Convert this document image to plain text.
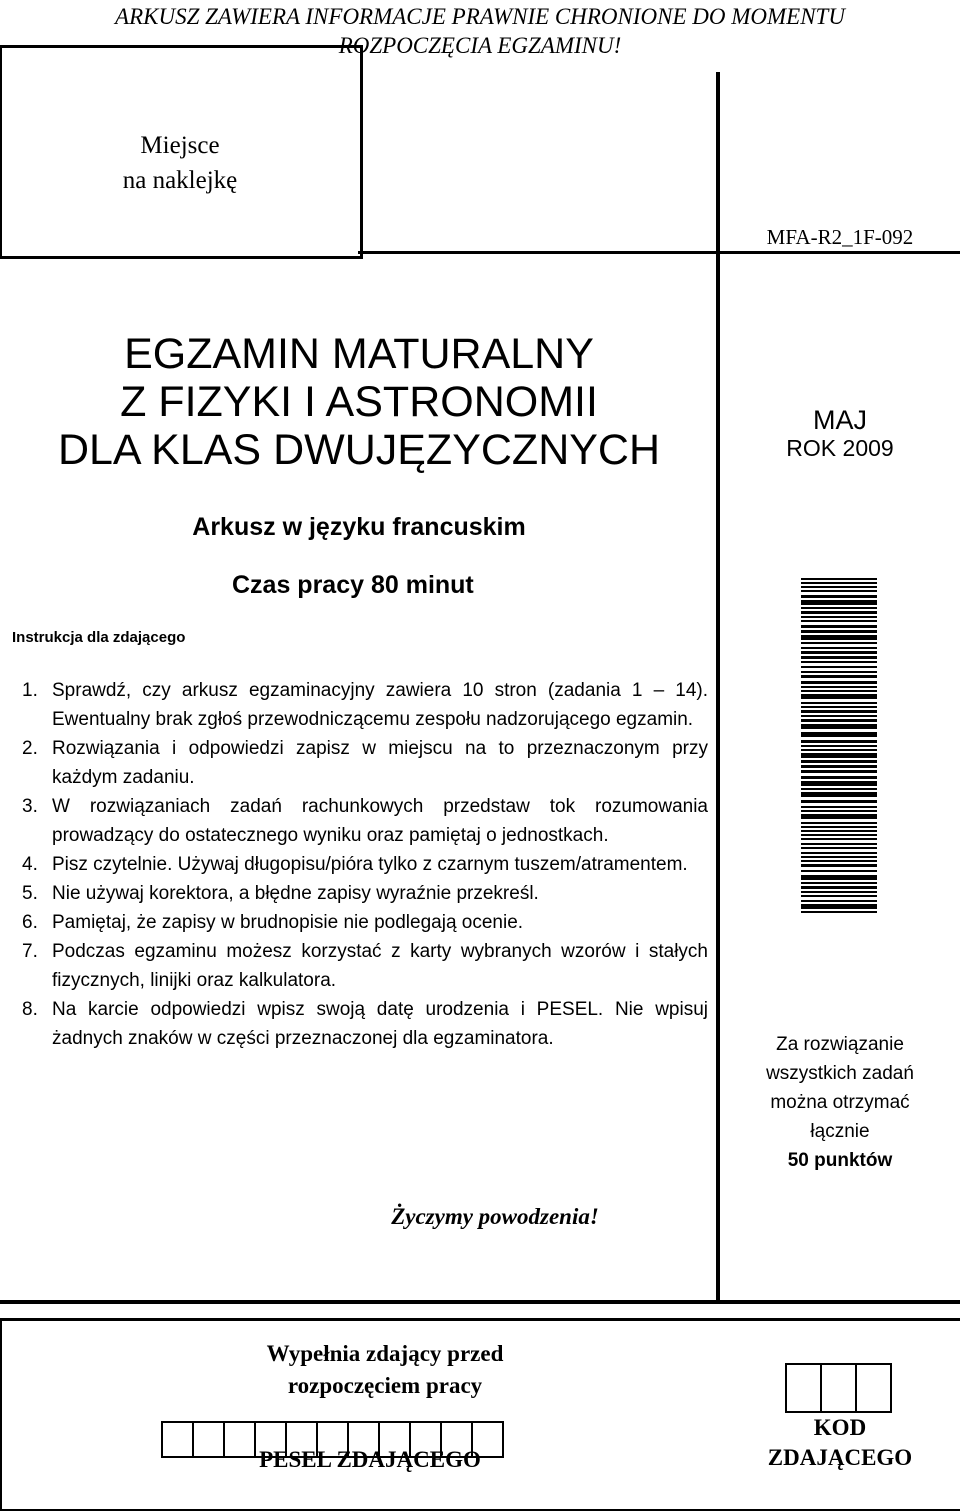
ARKUSZ ZAWIERA INFORMACJE PRAWNIE CHRONIONE DO MOMENTU
ROZPOCZĘCIA EGZAMINU!
Miejsce
na naklejkę
MFA-R2_1F-092
EGZAMIN MATURALNY
Z FIZYKI I ASTRONOMII
DLA KLAS DWUJĘZYCZNYCH
MAJ
ROK 2009
Arkusz w języku francuskim
Czas pracy 80 minut
Instrukcja dla zdającego
1. Sprawdź, czy arkusz egzaminacyjny zawiera 10 stron (zadania 1 – 14). Ewentualny brak zgłoś przewodniczącemu zespołu nadzorującego egzamin.
2. Rozwiązania i odpowiedzi zapisz w miejscu na to przeznaczonym przy każdym zadaniu.
3. W rozwiązaniach zadań rachunkowych przedstaw tok rozumowania prowadzący do ostatecznego wyniku oraz pamiętaj o jednostkach.
4. Pisz czytelnie. Używaj długopisu/pióra tylko z czarnym tuszem/atramentem.
5. Nie używaj korektora, a błędne zapisy wyraźnie przekreśl.
6. Pamiętaj, że zapisy w brudnopisie nie podlegają ocenie.
7. Podczas egzaminu możesz korzystać z karty wybranych wzorów i stałych fizycznych, linijki oraz kalkulatora.
8. Na karcie odpowiedzi wpisz swoją datę urodzenia i PESEL. Nie wpisuj żadnych znaków w części przeznaczonej dla egzaminatora.	Za rozwiązanie
wszystkich zadań
można otrzymać
łącznie
50 punktów
Życzymy powodzenia!
Wypełnia zdający przed
rozpoczęciem pracy
PESEL ZDAJĄCEGO
KOD
ZDAJĄCEGO
